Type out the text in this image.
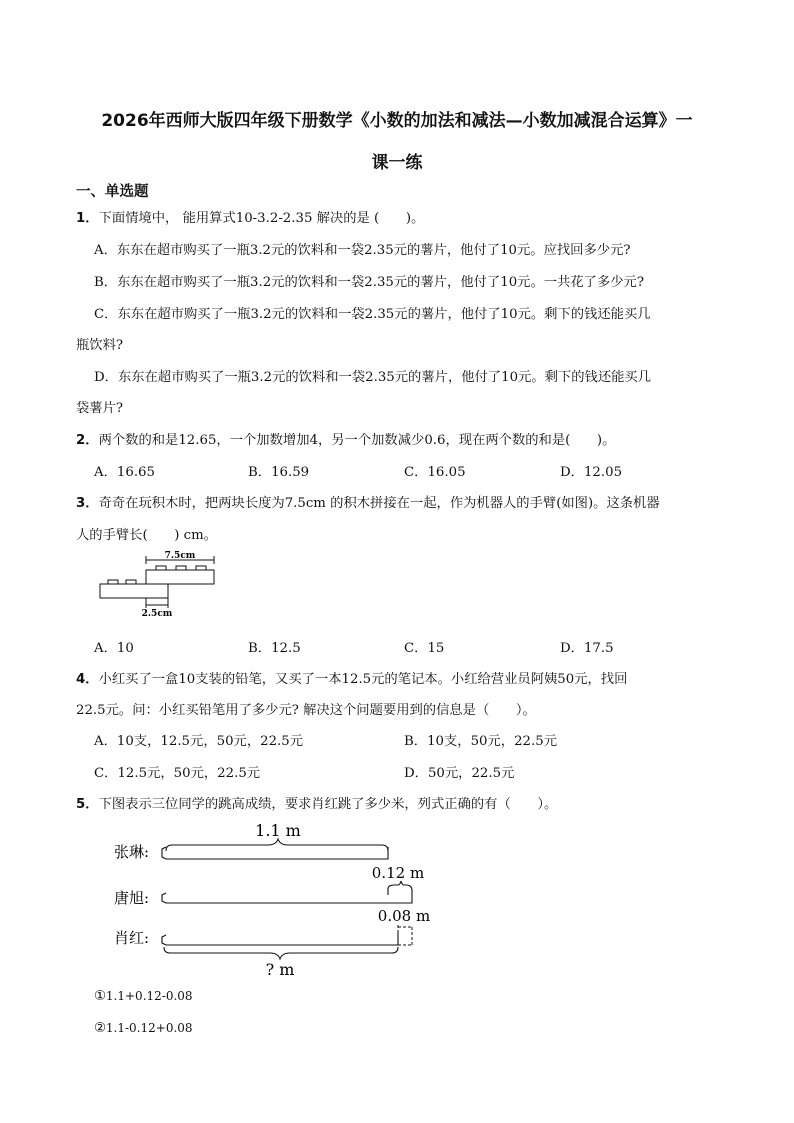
2026年西师大版四年级下册数学《小数的加法和减法—小数加减混合运算》一
课一练
一、单选题
1．下面情境中， 能用算式10-3.2-2.35 解决的是 (　　)。
A．东东在超市购买了一瓶3.2元的饮料和一袋2.35元的薯片，他付了10元。应找回多少元?
B．东东在超市购买了一瓶3.2元的饮料和一袋2.35元的薯片，他付了10元。一共花了多少元?
C．东东在超市购买了一瓶3.2元的饮料和一袋2.35元的薯片，他付了10元。剩下的钱还能买几
瓶饮料?
D．东东在超市购买了一瓶3.2元的饮料和一袋2.35元的薯片，他付了10元。剩下的钱还能买几
袋薯片?
2．两个数的和是12.65，一个加数增加4，另一个加数减少0.6，现在两个数的和是(　　)。
A．16.65	B．16.59	C．16.05	D．12.05
3．奇奇在玩积木时，把两块长度为7.5cm 的积木拼接在一起，作为机器人的手臂(如图)。这条机器
人的手臂长(　　) cm。
7.5cm
2.5cm
A．10	B．12.5	C．15	D．17.5
4．小红买了一盒10支装的铅笔，又买了一本12.5元的笔记本。小红给营业员阿姨50元，找回
22.5元。问：小红买铅笔用了多少元? 解决这个问题要用到的信息是（　　）。
A．10支，12.5元，50元，22.5元	B．10支，50元，22.5元
C．12.5元，50元，22.5元	D．50元，22.5元
5．下图表示三位同学的跳高成绩，要求肖红跳了多少米，列式正确的有（　　）。
1.1 m
张琳:
0.12 m
唐旭:
0.08 m
肖红:
? m
①1.1+0.12-0.08
②1.1-0.12+0.08
